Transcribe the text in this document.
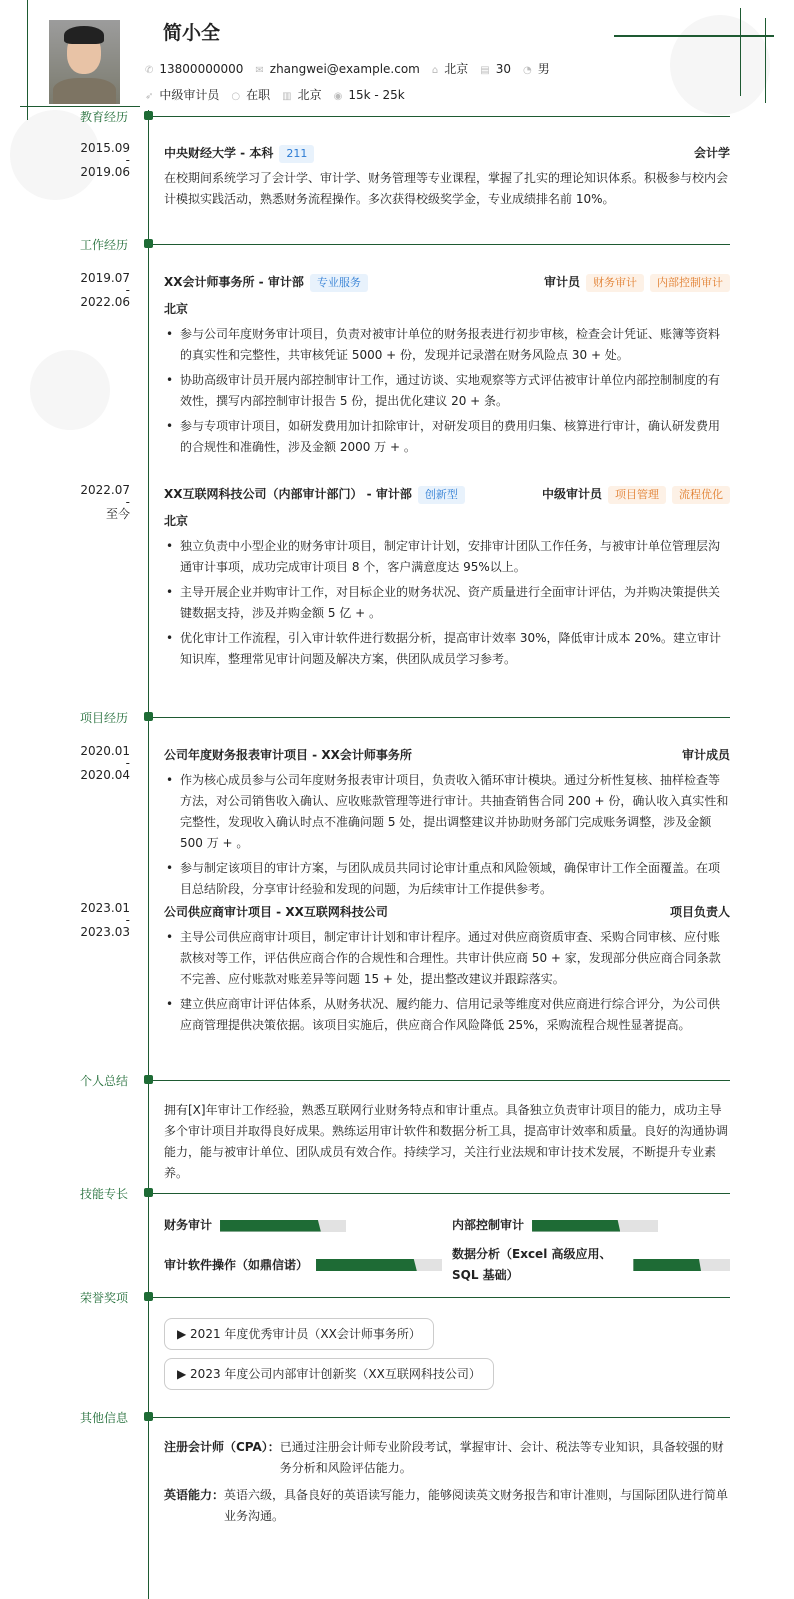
简小全
✆ 13800000000 ✉ zhangwei@example.com ⌂ 北京 ▤ 30 ◔ 男
➶ 中级审计员 ○ 在职 ▥ 北京 ◉ 15k - 25k
教育经历
2015.09
-
2019.06
中央财经大学 - 本科 211	会计学
在校期间系统学习了会计学、审计学、财务管理等专业课程，掌握了扎实的理论知识体系。积极参与校内会计模拟实践活动，熟悉财务流程操作。多次获得校级奖学金，专业成绩排名前 10%。
工作经历
2019.07
-
2022.06
XX会计师事务所 - 审计部 专业服务	审计员 财务审计 内部控制审计
北京
• 参与公司年度财务审计项目，负责对被审计单位的财务报表进行初步审核，检查会计凭证、账簿等资料的真实性和完整性，共审核凭证 5000 + 份，发现并记录潜在财务风险点 30 + 处。
• 协助高级审计员开展内部控制审计工作，通过访谈、实地观察等方式评估被审计单位内部控制制度的有效性，撰写内部控制审计报告 5 份，提出优化建议 20 + 条。
• 参与专项审计项目，如研发费用加计扣除审计，对研发项目的费用归集、核算进行审计，确认研发费用的合规性和准确性，涉及金额 2000 万 + 。
2022.07
-
至今
XX互联网科技公司（内部审计部门） - 审计部 创新型	中级审计员 项目管理 流程优化
北京
• 独立负责中小型企业的财务审计项目，制定审计计划，安排审计团队工作任务，与被审计单位管理层沟通审计事项，成功完成审计项目 8 个，客户满意度达 95%以上。
• 主导开展企业并购审计工作，对目标企业的财务状况、资产质量进行全面审计评估，为并购决策提供关键数据支持，涉及并购金额 5 亿 + 。
• 优化审计工作流程，引入审计软件进行数据分析，提高审计效率 30%，降低审计成本 20%。建立审计知识库，整理常见审计问题及解决方案，供团队成员学习参考。
项目经历
2020.01
-
2020.04
公司年度财务报表审计项目 - XX会计师事务所	审计成员
• 作为核心成员参与公司年度财务报表审计项目，负责收入循环审计模块。通过分析性复核、抽样检查等方法，对公司销售收入确认、应收账款管理等进行审计。共抽查销售合同 200 + 份，确认收入真实性和完整性，发现收入确认时点不准确问题 5 处，提出调整建议并协助财务部门完成账务调整，涉及金额 500 万 + 。
• 参与制定该项目的审计方案，与团队成员共同讨论审计重点和风险领域，确保审计工作全面覆盖。在项目总结阶段，分享审计经验和发现的问题，为后续审计工作提供参考。
2023.01
-
2023.03
公司供应商审计项目 - XX互联网科技公司	项目负责人
• 主导公司供应商审计项目，制定审计计划和审计程序。通过对供应商资质审查、采购合同审核、应付账款核对等工作，评估供应商合作的合规性和合理性。共审计供应商 50 + 家，发现部分供应商合同条款不完善、应付账款对账差异等问题 15 + 处，提出整改建议并跟踪落实。
• 建立供应商审计评估体系，从财务状况、履约能力、信用记录等维度对供应商进行综合评分，为公司供应商管理提供决策依据。该项目实施后，供应商合作风险降低 25%，采购流程合规性显著提高。
个人总结
拥有[X]年审计工作经验，熟悉互联网行业财务特点和审计重点。具备独立负责审计项目的能力，成功主导多个审计项目并取得良好成果。熟练运用审计软件和数据分析工具，提高审计效率和质量。良好的沟通协调能力，能与被审计单位、团队成员有效合作。持续学习，关注行业法规和审计技术发展，不断提升专业素养。
技能专长
财务审计	内部控制审计
审计软件操作（如鼎信诺）
数据分析（Excel 高级应用、SQL 基础）
荣誉奖项
▶ 2021 年度优秀审计员（XX会计师事务所）
▶ 2023 年度公司内部审计创新奖（XX互联网科技公司）
其他信息
注册会计师（CPA）： 已通过注册会计师专业阶段考试，掌握审计、会计、税法等专业知识，具备较强的财务分析和风险评估能力。
英语能力： 英语六级，具备良好的英语读写能力，能够阅读英文财务报告和审计准则，与国际团队进行简单业务沟通。
